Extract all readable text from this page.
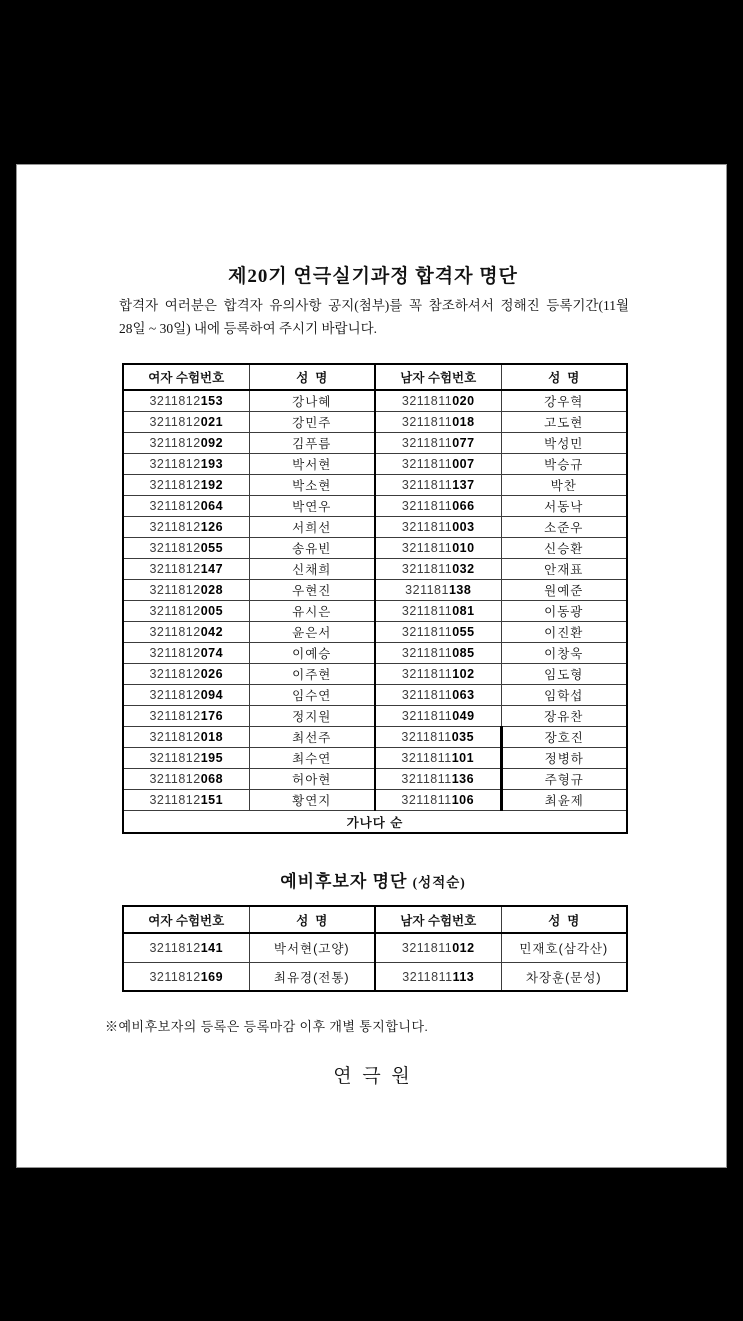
제20기 연극실기과정 합격자 명단

합격자 여러분은 합격자 유의사항 공지(첨부)를 꼭 참조하셔서 정해진 등록기간(11월 28일 ~ 30일) 내에 등록하여 주시기 바랍니다.

여자 수험번호	성  명	남자 수험번호	성  명
3211812153	강나혜	3211811020	강우혁
3211812021	강민주	3211811018	고도현
3211812092	김푸름	3211811077	박성민
3211812193	박서현	3211811007	박승규
3211812192	박소현	3211811137	박찬
3211812064	박연우	3211811066	서동낙
3211812126	서희선	3211811003	소준우
3211812055	송유빈	3211811010	신승환
3211812147	신채희	3211811032	안재표
3211812028	우현진	321181138	원예준
3211812005	유시은	3211811081	이동광
3211812042	윤은서	3211811055	이진환
3211812074	이예승	3211811085	이창욱
3211812026	이주현	3211811102	임도형
3211812094	임수연	3211811063	임학섭
3211812176	정지원	3211811049	장유찬
3211812018	최선주	3211811035	장호진
3211812195	최수연	3211811101	정병하
3211812068	허아현	3211811136	주형규
3211812151	황연지	3211811106	최윤제
가나다 순			
예비후보자 명단 (성적순)
여자 수험번호	성  명	남자 수험번호	성  명
3211812141	박서현(고양)	3211811012	민재호(삼각산)
3211812169	최유경(전통)	3211811113	차장훈(문성)

※예비후보자의 등록은 등록마감 이후 개별 통지합니다.

연 극 원
